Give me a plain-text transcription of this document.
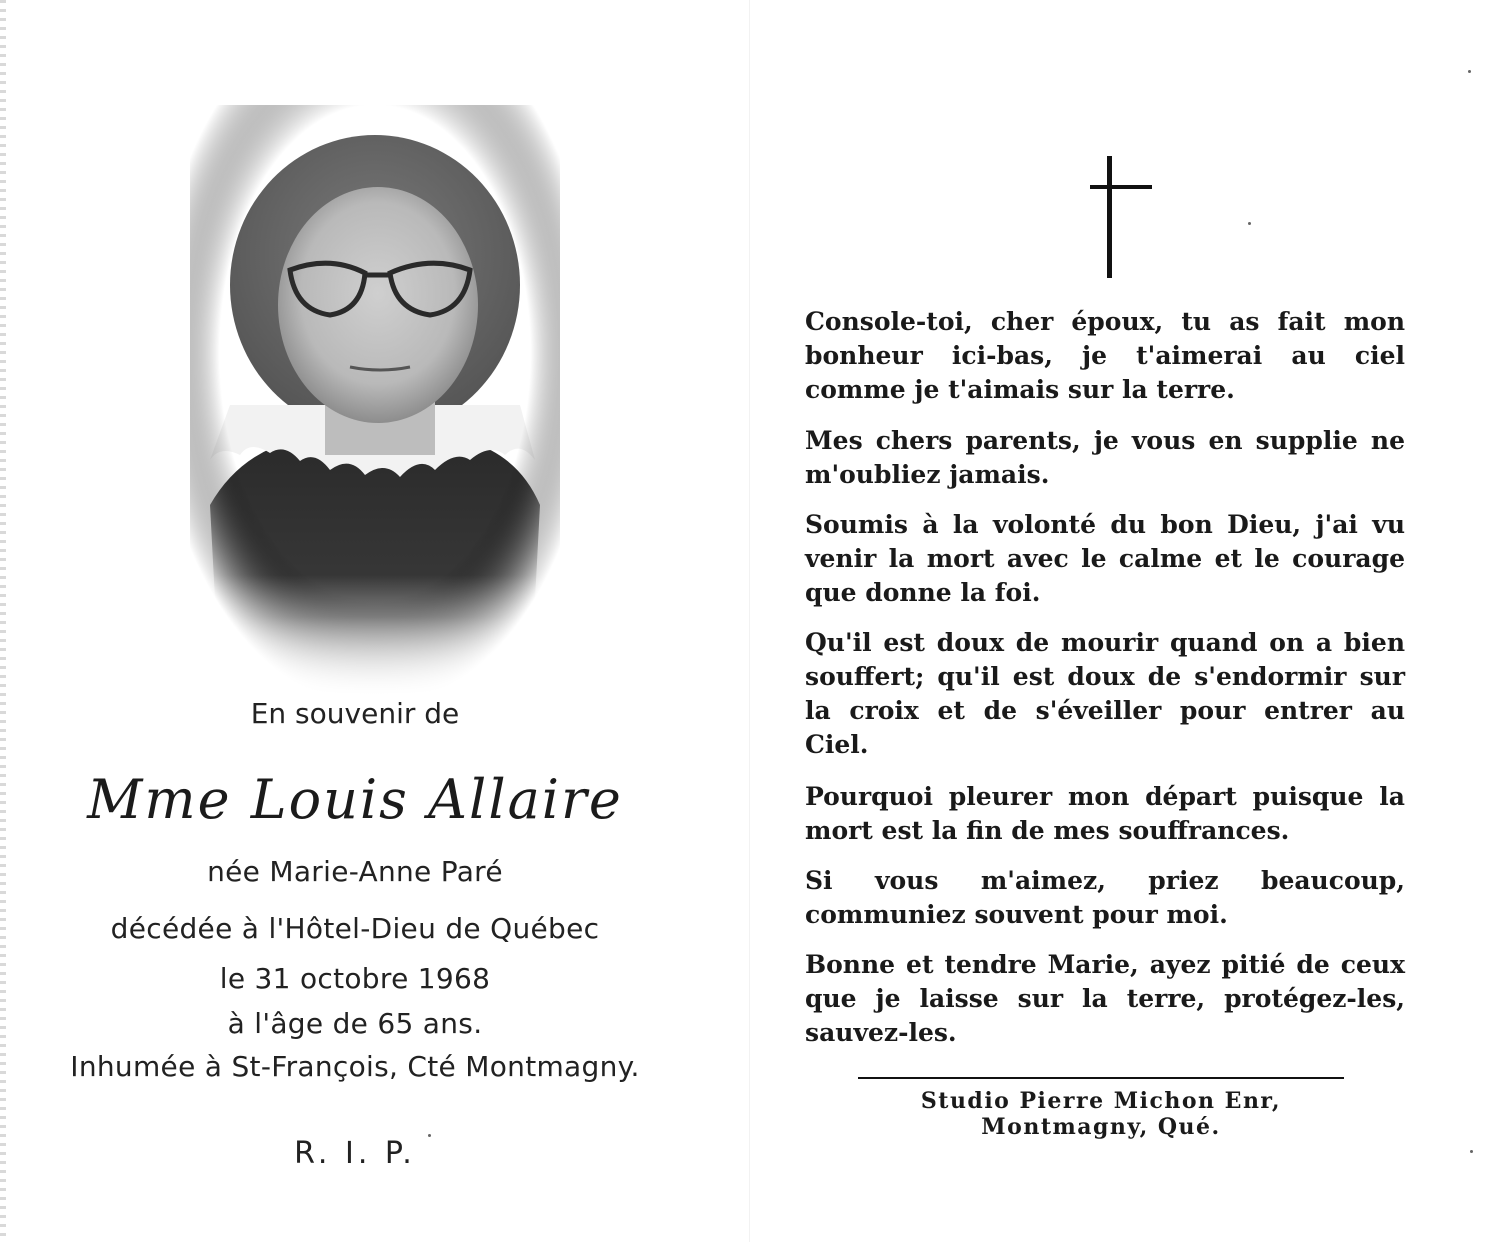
En souvenir de
Mme Louis Allaire
née Marie-Anne Paré
décédée à l'Hôtel-Dieu de Québec
le 31 octobre 1968
à l'âge de 65 ans.
Inhumée à St-François, Cté Montmagny.
R. I. P.
Console-toi, cher époux, tu as fait mon bonheur ici-bas, je t'aimerai au ciel comme je t'aimais sur la terre.
Mes chers parents, je vous en supplie ne m'oubliez jamais.
Soumis à la volonté du bon Dieu, j'ai vu venir la mort avec le calme et le courage que donne la foi.
Qu'il est doux de mourir quand on a bien souffert; qu'il est doux de s'endormir sur la croix et de s'éveiller pour entrer au Ciel.
Pourquoi pleurer mon départ puisque la mort est la fin de mes souffrances.
Si vous m'aimez, priez beaucoup, communiez souvent pour moi.
Bonne et tendre Marie, ayez pitié de ceux que je laisse sur la terre, protégez-les, sauvez-les.
Studio Pierre Michon Enr,
Montmagny, Qué.
